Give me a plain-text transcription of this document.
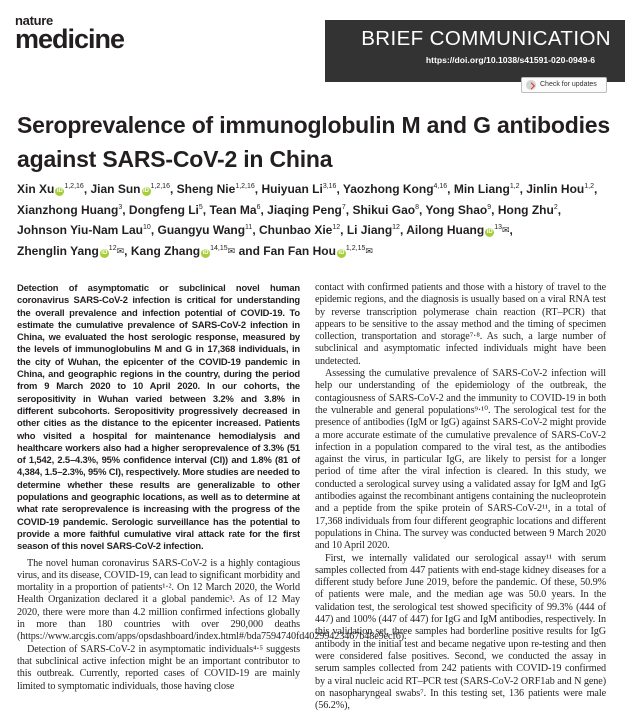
nature
medicine	BRIEF COMMUNICATION
https://doi.org/10.1038/s41591-020-0949-6
Check for updates
Seroprevalence of immunoglobulin M and G antibodies against SARS-CoV-2 in China
Xin Xu iD$^{1,2,16}$, Jian Sun iD$^{1,2,16}$, Sheng Nie$^{1,2,16}$, Huiyuan Li$^{3,16}$, Yaozhong Kong$^{4,16}$, Min Liang$^{1,2}$, Jinlin Hou$^{1,2}$, Xianzhong Huang$^3$, Dongfeng Li$^5$, Tean Ma$^6$, Jiaqing Peng$^7$, Shikui Gao$^8$, Yong Shao$^9$, Hong Zhu$^2$, Johnson Yiu-Nam Lau$^{10}$, Guangyu Wang$^{11}$, Chunbao Xie$^{12}$, Li Jiang$^{12}$, Ailong Huang $iD^{13}✉$, Zhenglin Yang $iD^{12}✉$, Kang Zhang iD$^{14,15}$✉ and Fan Fan Hou iD$^{1,2,15}$✉

Detection of asymptomatic or subclinical novel human coronavirus SARS-CoV-2 infection is critical for understanding the overall prevalence and infection potential of COVID-19. To estimate the cumulative prevalence of SARS-CoV-2 infection in China, we evaluated the host serologic response, measured by the levels of immunoglobulins M and G in 17,368 individuals, in the city of Wuhan, the epicenter of the COVID-19 pandemic in China, and geographic regions in the country, during the period from 9 March 2020 to 10 April 2020. In our cohorts, the seropositivity in Wuhan varied between 3.2% and 3.8% in different subcohorts. Seropositivity progressively decreased in other cities as the distance to the epicenter increased. Patients who visited a hospital for maintenance hemodialysis and healthcare workers also had a higher seroprevalence of 3.3% (51 of 1,542, 2.5–4.3%, 95% confidence interval (CI)) and 1.8% (81 of 4,384, 1.5–2.3%, 95% CI), respectively. More studies are needed to determine whether these results are generalizable to other populations and geographic locations, as well as to determine at what rate seroprevalence is increasing with the progress of the COVID-19 pandemic. Serologic surveillance has the potential to provide a more faithful cumulative viral attack rate for the first season of this novel SARS-CoV-2 infection.

The novel human coronavirus SARS-CoV-2 is a highly contagious virus, and its disease, COVID-19, can lead to significant morbidity and mortality in a proportion of patients¹‧². On 12 March 2020, the World Health Organization declared it a global pandemic³. As of 12 May 2020, there were more than 4.2 million confirmed infections globally in more than 180 countries with over 290,000 deaths (https://www.arcgis.com/apps/opsdashboard/index.html#/bda7594740fd40299423467b48e9ecf6).

Detection of SARS-CoV-2 in asymptomatic individuals⁴‧⁵ suggests that subclinical active infection might be an important contributor to this outbreak. Currently, reported cases of COVID-19 are mainly limited to symptomatic individuals, those having close

contact with confirmed patients and those with a history of travel to the epidemic regions, and the diagnosis is usually based on a viral RNA test by reverse transcription polymerase chain reaction (RT–PCR) that appears to be sensitive to the assay method and the timing of specimen collection, transportation and storage⁷‧⁸. As such, a large number of subclinical and asymptomatic infected individuals might have been undetected.

Assessing the cumulative prevalence of SARS-CoV-2 infection will help our understanding of the epidemiology of the outbreak, the contagiousness of SARS-CoV-2 and the immunity to COVID-19 in both the vulnerable and general populations⁹‧¹⁰. The serological test for the presence of antibodies (IgM or IgG) against SARS-CoV-2 might provide a more accurate estimate of the cumulative prevalence of SARS-CoV-2 infection in a population compared to the viral test, as the antibodies against the virus, in particular IgG, are likely to persist for a longer period of time after the viral infection is cleared. In this study, we conducted a serological survey using a validated assay for IgM and IgG antibodies against the recombinant antigens containing the nucleoprotein and a peptide from the spike protein of SARS-CoV-2¹¹, in a total of 17,368 individuals from four different geographic locations and different populations in China. The survey was conducted between 9 March 2020 and 10 April 2020.

First, we internally validated our serological assay¹¹ with serum samples collected from 447 patients with end-stage kidney diseases for a different study before June 2019, before the pandemic. Of these, 50.9% of patients were male, and the median age was 50.0 years. In the validation test, the serological test showed specificity of 99.3% (444 of 447) and 100% (447 of 447) for IgG and IgM antibodies, respectively. In this validation set, three samples had borderline positive results for IgG antibody in the initial test and became negative upon re-testing and then were considered false positives. Second, we conducted the assay in serum samples collected from 242 patients with COVID-19 confirmed by a viral nucleic acid RT–PCR test (SARS-CoV-2 ORF1ab and N gene) on nasopharyngeal swabs⁷. In this testing set, 136 patients were male (56.2%),
